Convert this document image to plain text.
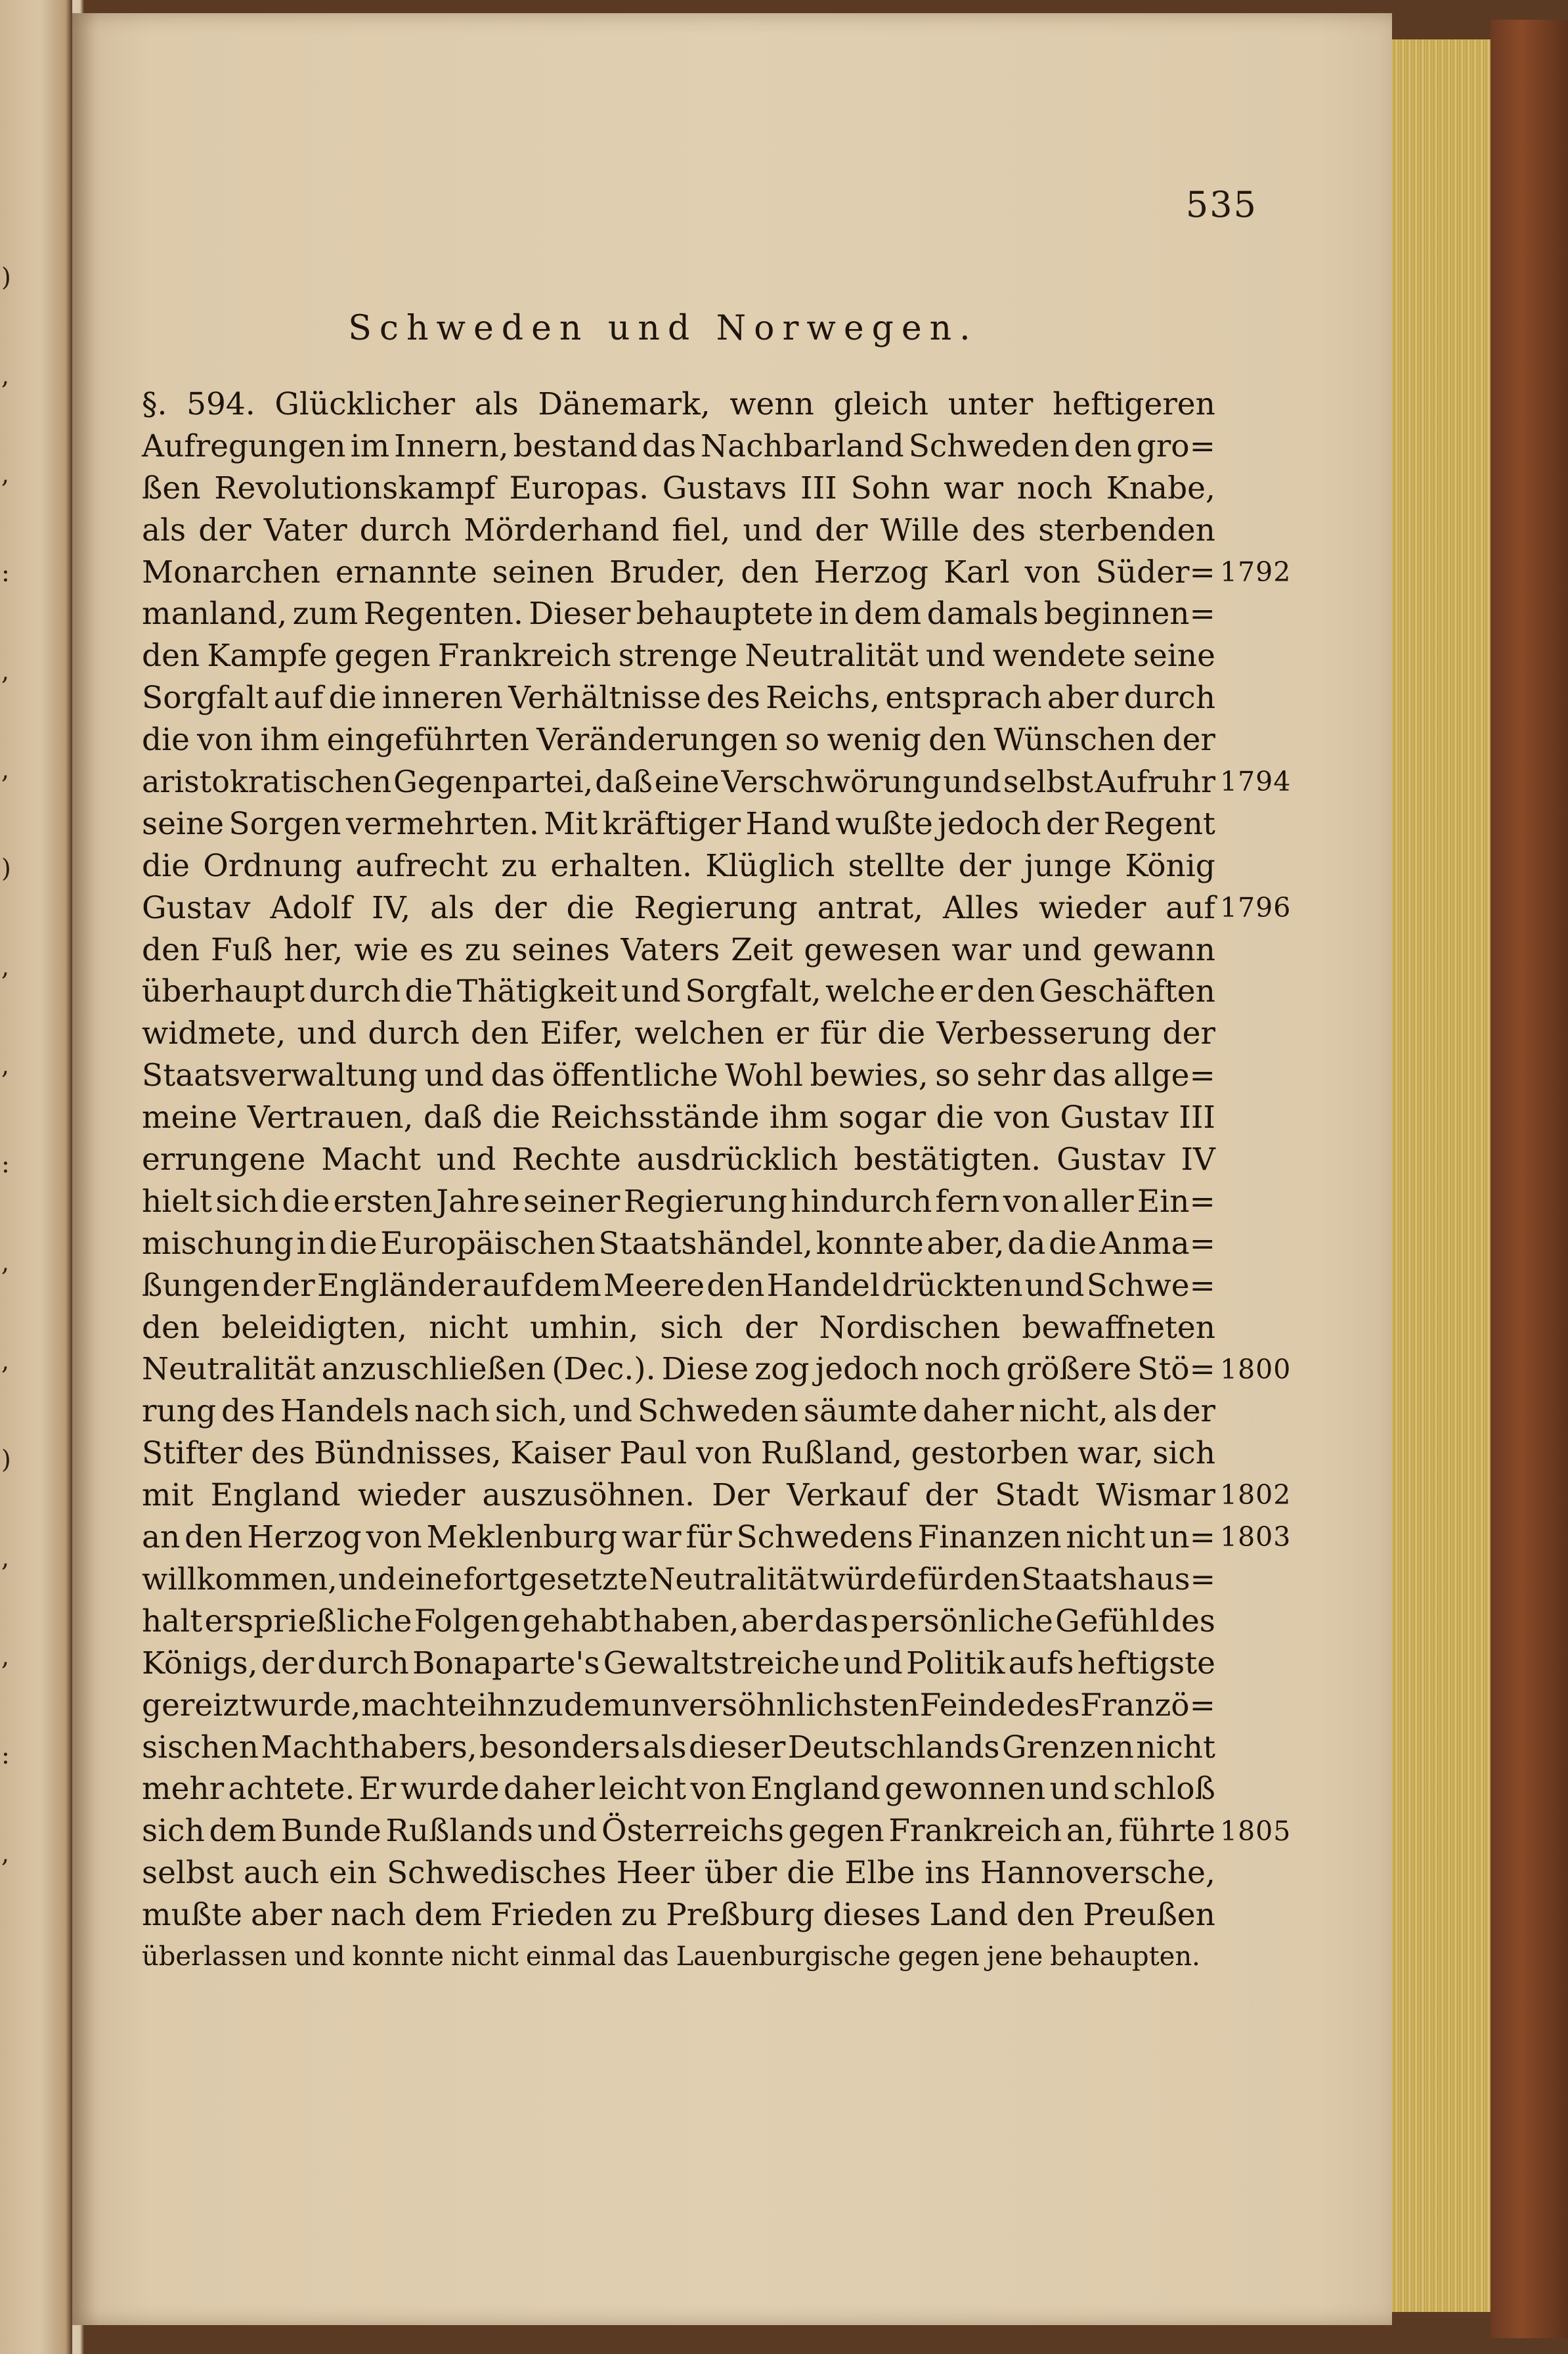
)
,
,
:
,
,
)
,
,
:
,
,
)
,
,
:
,
535
Schweden und Norwegen.
§. 594. Glücklicher als Dänemark, wenn gleich unter heftigeren
Aufregungen im Innern, bestand das Nachbarland Schweden den gro=
ßen Revolutionskampf Europas. Gustavs III Sohn war noch Knabe,
als der Vater durch Mörderhand fiel, und der Wille des sterbenden
Monarchen ernannte seinen Bruder, den Herzog Karl von Süder=
manland, zum Regenten. Dieser behauptete in dem damals beginnen=
den Kampfe gegen Frankreich strenge Neutralität und wendete seine
Sorgfalt auf die inneren Verhältnisse des Reichs, entsprach aber durch
die von ihm eingeführten Veränderungen so wenig den Wünschen der
aristokratischen Gegenpartei, daß eine Verschwörung und selbst Aufruhr
seine Sorgen vermehrten. Mit kräftiger Hand wußte jedoch der Regent
die Ordnung aufrecht zu erhalten. Klüglich stellte der junge König
Gustav Adolf IV, als der die Regierung antrat, Alles wieder auf
den Fuß her, wie es zu seines Vaters Zeit gewesen war und gewann
überhaupt durch die Thätigkeit und Sorgfalt, welche er den Geschäften
widmete, und durch den Eifer, welchen er für die Verbesserung der
Staatsverwaltung und das öffentliche Wohl bewies, so sehr das allge=
meine Vertrauen, daß die Reichsstände ihm sogar die von Gustav III
errungene Macht und Rechte ausdrücklich bestätigten. Gustav IV
hielt sich die ersten Jahre seiner Regierung hindurch fern von aller Ein=
mischung in die Europäischen Staatshändel, konnte aber, da die Anma=
ßungen der Engländer auf dem Meere den Handel drückten und Schwe=
den beleidigten, nicht umhin, sich der Nordischen bewaffneten
Neutralität anzuschließen (Dec.). Diese zog jedoch noch größere Stö=
rung des Handels nach sich, und Schweden säumte daher nicht, als der
Stifter des Bündnisses, Kaiser Paul von Rußland, gestorben war, sich
mit England wieder auszusöhnen. Der Verkauf der Stadt Wismar
an den Herzog von Meklenburg war für Schwedens Finanzen nicht un=
willkommen, und eine fortgesetzte Neutralität würde für den Staatshaus=
halt ersprießliche Folgen gehabt haben, aber das persönliche Gefühl des
Königs, der durch Bonaparte's Gewaltstreiche und Politik aufs heftigste
gereizt wurde, machte ihn zu dem unversöhnlichsten Feinde des Franzö=
sischen Machthabers, besonders als dieser Deutschlands Grenzen nicht
mehr achtete. Er wurde daher leicht von England gewonnen und schloß
sich dem Bunde Rußlands und Österreichs gegen Frankreich an, führte
selbst auch ein Schwedisches Heer über die Elbe ins Hannoversche,
mußte aber nach dem Frieden zu Preßburg dieses Land den Preußen
überlassen und konnte nicht einmal das Lauenburgische gegen jene behaupten.
1792
1794
1796
1800
1802
1803
1805
